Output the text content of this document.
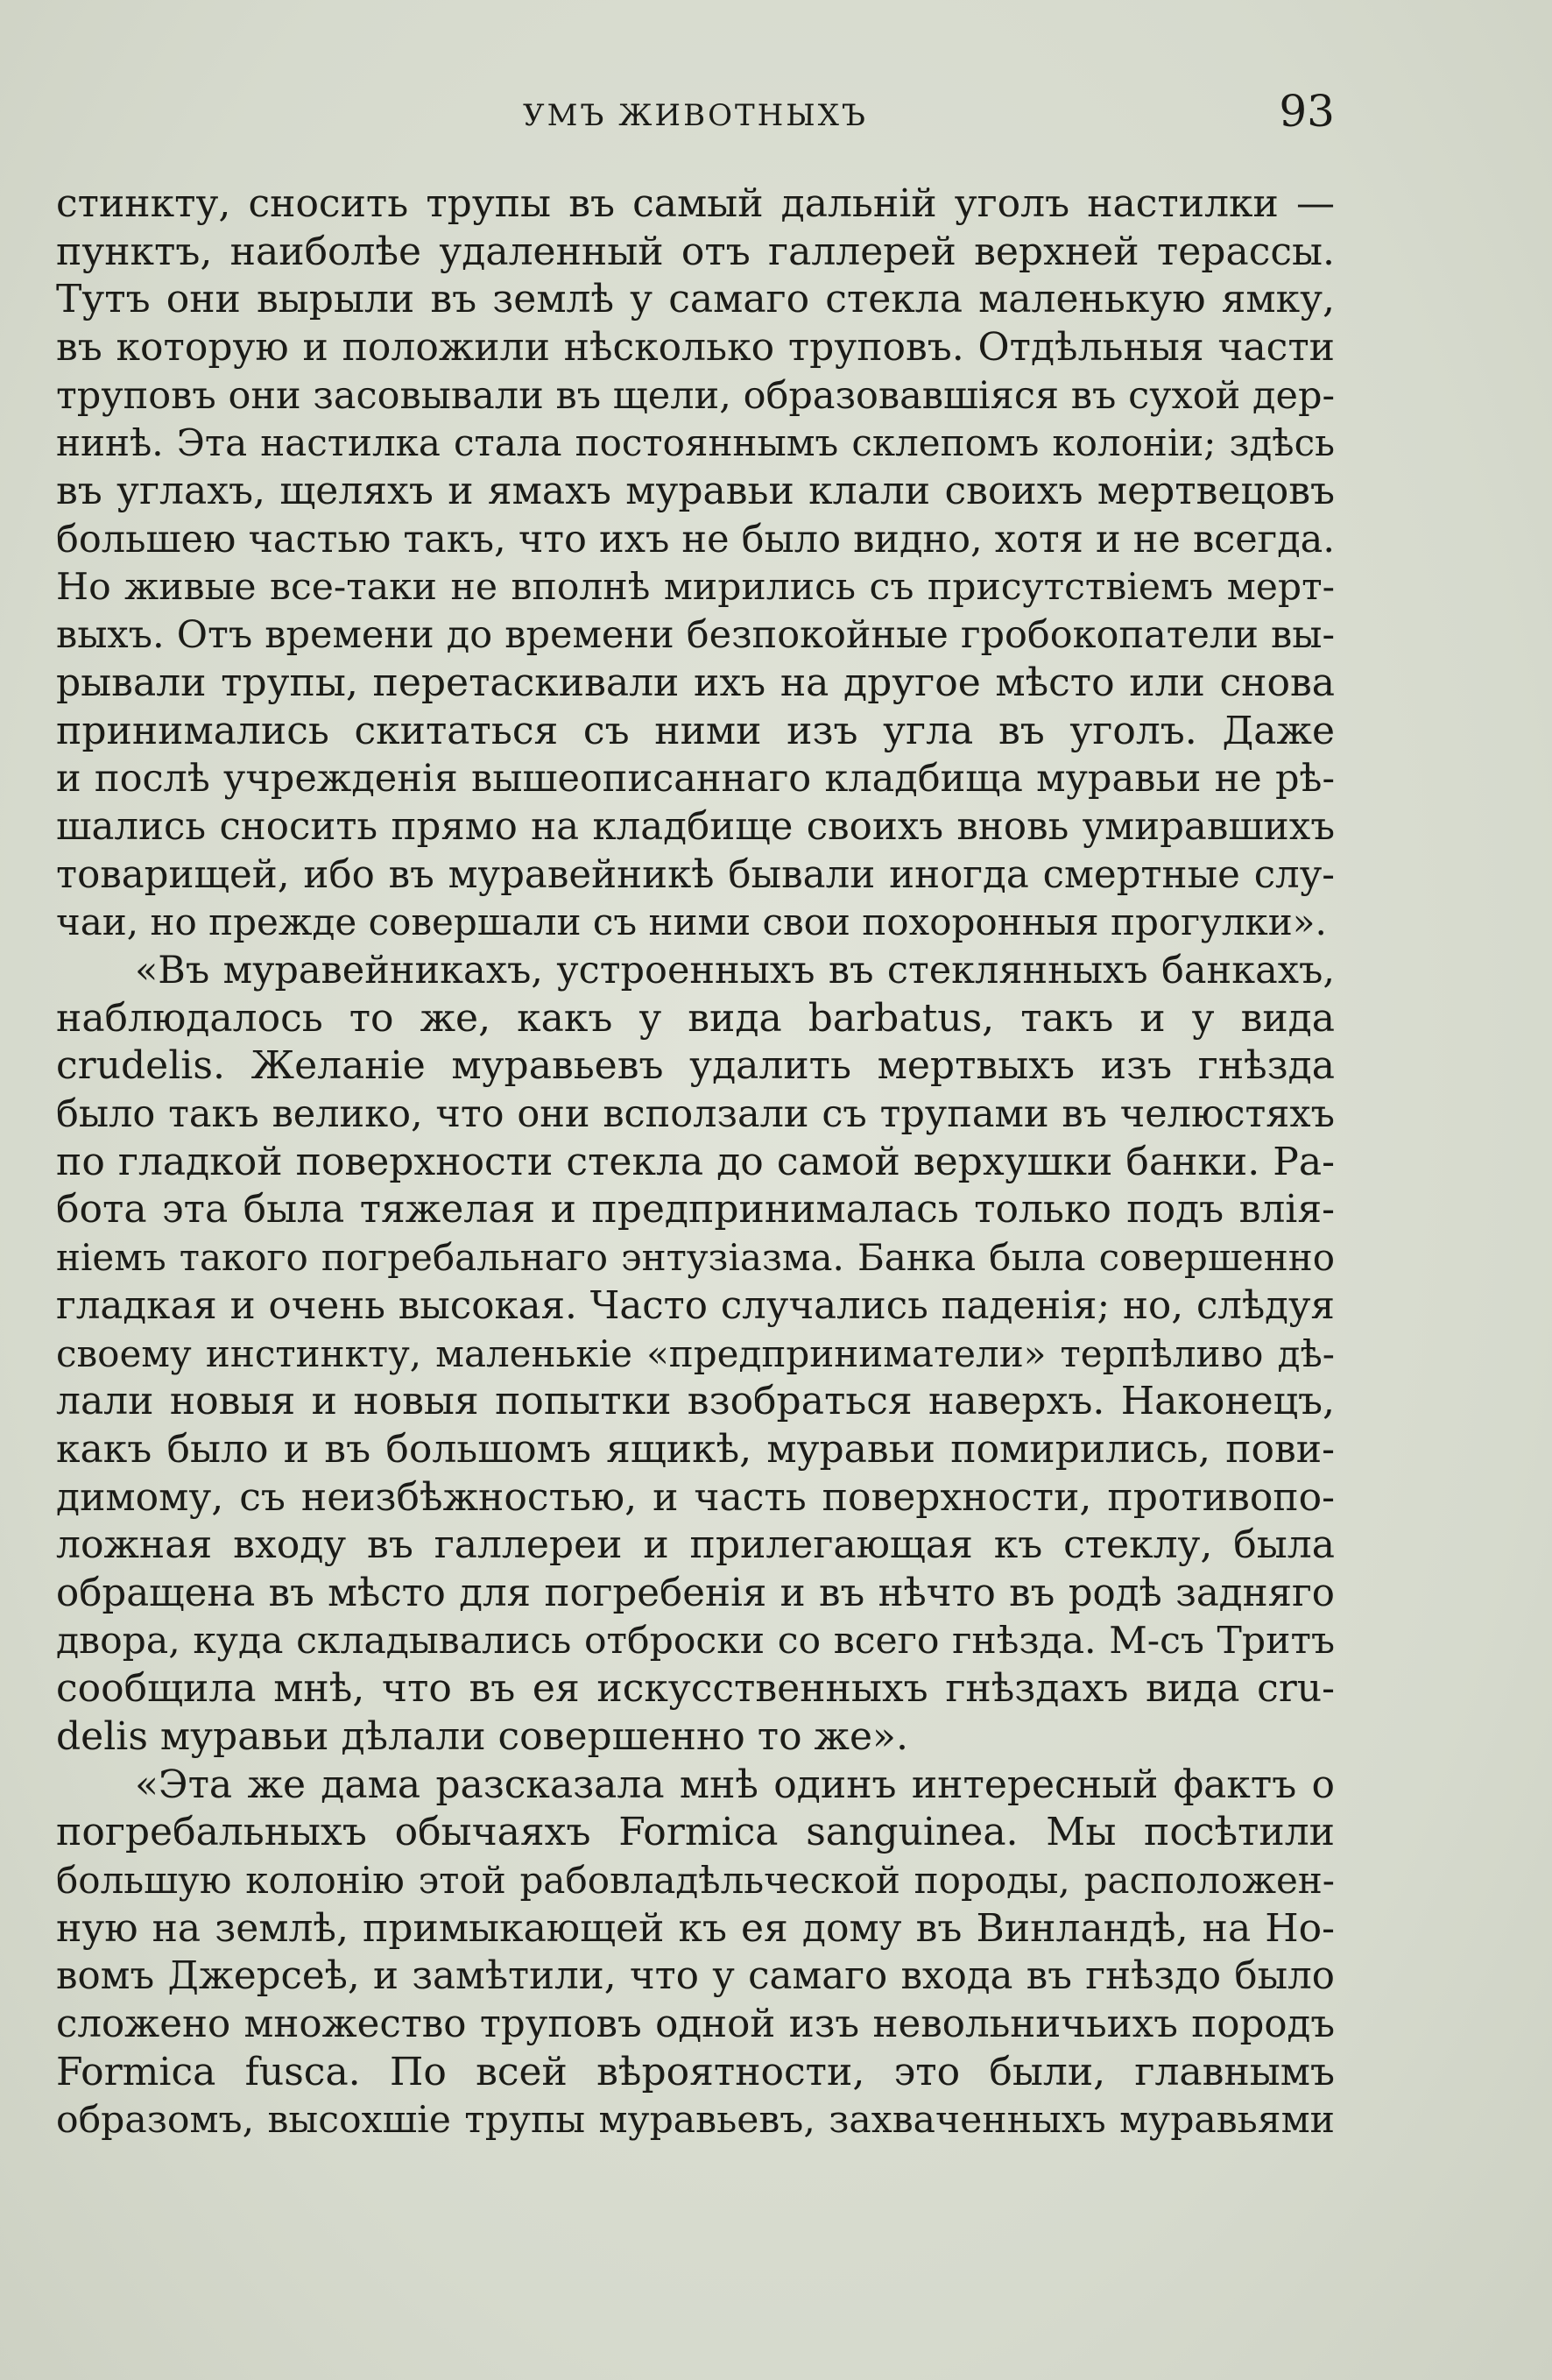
УМЪ ЖИВОТНЫХЪ	93
стинкту, сносить трупы въ самый дальній уголъ настилки —
пунктъ, наиболѣе удаленный отъ галлерей верхней терассы.
Тутъ они вырыли въ землѣ у самаго стекла маленькую ямку,
въ которую и положили нѣсколько труповъ. Отдѣльныя части
труповъ они засовывали въ щели, образовавшіяся въ сухой дер-
нинѣ. Эта настилка стала постояннымъ склепомъ колоніи; здѣсь
въ углахъ, щеляхъ и ямахъ муравьи клали своихъ мертвецовъ
большею частью такъ, что ихъ не было видно, хотя и не всегда.
Но живые все-таки не вполнѣ мирились съ присутствіемъ мерт-
выхъ. Отъ времени до времени безпокойные гробокопатели вы-
рывали трупы, перетаскивали ихъ на другое мѣсто или снова
принимались скитаться съ ними изъ угла въ уголъ. Даже
и послѣ учрежденія вышеописаннаго кладбища муравьи не рѣ-
шались сносить прямо на кладбище своихъ вновь умиравшихъ
товарищей, ибо въ муравейникѣ бывали иногда смертные слу-
чаи, но прежде совершали съ ними свои похоронныя прогулки».
«Въ муравейникахъ, устроенныхъ въ стеклянныхъ банкахъ,
наблюдалось то же, какъ у вида barbatus, такъ и у вида
crudelis. Желаніе муравьевъ удалить мертвыхъ изъ гнѣзда
было такъ велико, что они всползали съ трупами въ челюстяхъ
по гладкой поверхности стекла до самой верхушки банки. Ра-
бота эта была тяжелая и предпринималась только подъ влія-
ніемъ такого погребальнаго энтузіазма. Банка была совершенно
гладкая и очень высокая. Часто случались паденія; но, слѣдуя
своему инстинкту, маленькіе «предприниматели» терпѣливо дѣ-
лали новыя и новыя попытки взобраться наверхъ. Наконецъ,
какъ было и въ большомъ ящикѣ, муравьи помирились, пови-
димому, съ неизбѣжностью, и часть поверхности, противопо-
ложная входу въ галлереи и прилегающая къ стеклу, была
обращена въ мѣсто для погребенія и въ нѣчто въ родѣ задняго
двора, куда складывались отброски со всего гнѣзда. М-съ Тритъ
сообщила мнѣ, что въ ея искусственныхъ гнѣздахъ вида cru-
delis муравьи дѣлали совершенно то же».
«Эта же дама разсказала мнѣ одинъ интересный фактъ о
погребальныхъ обычаяхъ Formica sanguinea. Мы посѣтили
большую колонію этой рабовладѣльческой породы, расположен-
ную на землѣ, примыкающей къ ея дому въ Винландѣ, на Но-
вомъ Джерсеѣ, и замѣтили, что у самаго входа въ гнѣздо было
сложено множество труповъ одной изъ невольничьихъ породъ
Formica fusca. По всей вѣроятности, это были, главнымъ
образомъ, высохшіе трупы муравьевъ, захваченныхъ муравьями
